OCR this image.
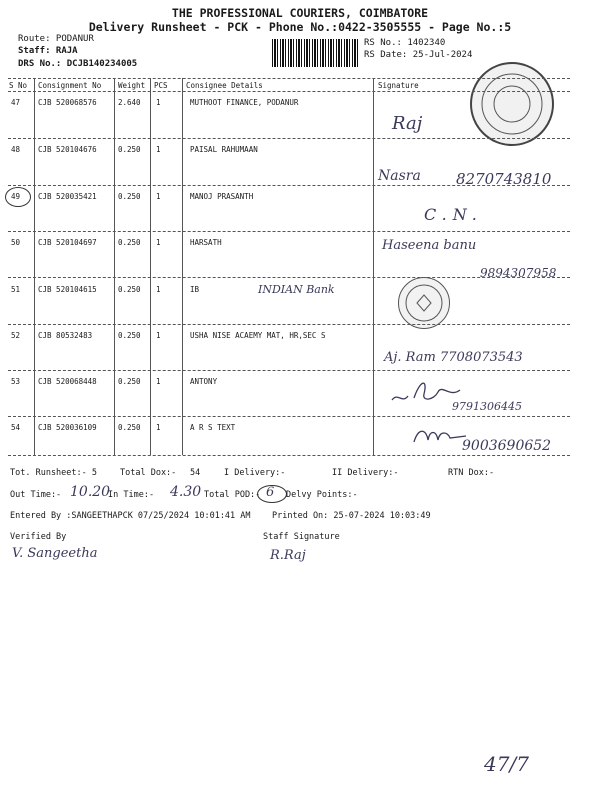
THE PROFESSIONAL COURIERS, COIMBATORE
Delivery Runsheet - PCK - Phone No.:0422-3505555 - Page No.:5
Route: PODANUR
Staff: RAJA
DRS No.: DCJB140234005
RS No.: 1402340
RS Date: 25-Jul-2024
S No Consignment No Weight PCS Consignee Details	Signature
47 CJB 520068576	2.640 1	MUTHOOT FINANCE, PODANUR
Raj
48 CJB 520104676	0.250 1	PAISAL RAHUMAAN
Nasra 8270743810
49 CJB 520035421	0.250 1	MANOJ PRASANTH
C.N.
50 CJB 520104697	0.250 1	HARSATH	Haseena banu
9894307958
51 CJB 520104615	0.250 1	IB	INDIAN Bank
52 CJB 80532483	0.250 1	USHA NISE ACAEMY MAT, HR,SEC S
Aj. Ram 7708073543
53 CJB 520068448	0.250 1	ANTONY
9791306445
54 CJB 520036109	0.250 1	A R S TEXT
9003690652
Tot. Runsheet:- 5	Total Dox:- 54	I Delivery:-	II Delivery:-	RTN Dox:-
Out Time:- 10.20
In Time:- 4.30 Total POD:- 6 Delvy Points:-
Entered By :SANGEETHAPCK 07/25/2024 10:01:41 AM	Printed On: 25-07-2024 10:03:49
Verified By	Staff Signature
V. Sangeetha	R.Raj
47/7
